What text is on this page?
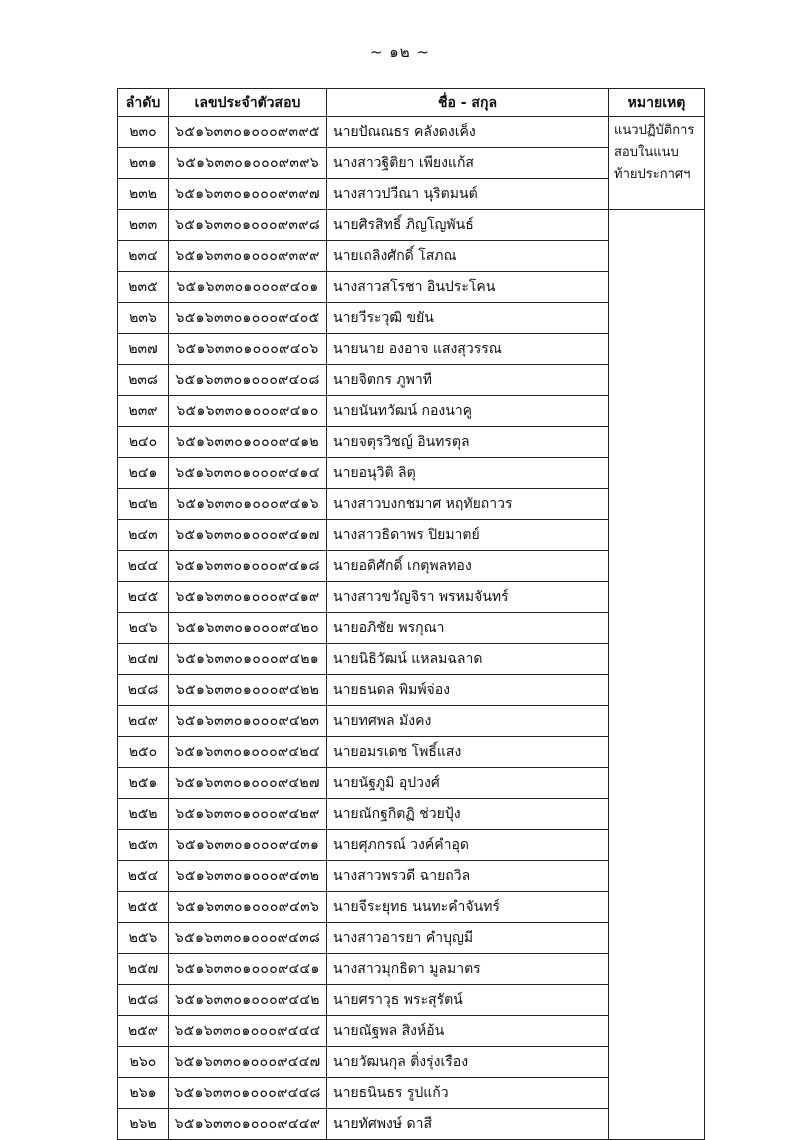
~ ๑๒ ~
ลำดับ	เลขประจำตัวสอบ	ชื่อ - สกุล	หมายเหตุ
๒๓๐	๖๕๑๖๓๓๐๑๐๐๐๙๓๙๕	นายปัณณธร คลังดงเค็ง	แนวปฏิบัติการสอบในแนบท้ายประกาศฯ
๒๓๑	๖๕๑๖๓๓๐๑๐๐๐๙๓๙๖	นางสาวฐิติยา เพียงแก้ส	
๒๓๒	๖๕๑๖๓๓๐๑๐๐๐๙๓๙๗	นางสาวปวีณา นุริตมนต์	
๒๓๓	๖๕๑๖๓๓๐๑๐๐๐๙๓๙๘	นายศิรสิทธิ์ ภิญโญพันธ์	
๒๓๔	๖๕๑๖๓๓๐๑๐๐๐๙๓๙๙	นายเถลิงศักดิ์ โสภณ	
๒๓๕	๖๕๑๖๓๓๐๑๐๐๐๙๔๐๑	นางสาวสโรชา อินประโคน	
๒๓๖	๖๕๑๖๓๓๐๑๐๐๐๙๔๐๕	นายวีระวุฒิ ขยัน	
๒๓๗	๖๕๑๖๓๓๐๑๐๐๐๙๔๐๖	นายนาย องอาจ แสงสุวรรณ	
๒๓๘	๖๕๑๖๓๓๐๑๐๐๐๙๔๐๘	นายจิตกร ภูพาที	
๒๓๙	๖๕๑๖๓๓๐๑๐๐๐๙๔๑๐	นายนันทวัฒน์ กองนาคู	
๒๔๐	๖๕๑๖๓๓๐๑๐๐๐๙๔๑๒	นายจตุรวิชญ์ อินทรตุล	
๒๔๑	๖๕๑๖๓๓๐๑๐๐๐๙๔๑๔	นายอนุวิติ ลิตุ	
๒๔๒	๖๕๑๖๓๓๐๑๐๐๐๙๔๑๖	นางสาวบงกชมาศ หฤทัยถาวร	
๒๔๓	๖๕๑๖๓๓๐๑๐๐๐๙๔๑๗	นางสาวธิดาพร ปิยมาตย์	
๒๔๔	๖๕๑๖๓๓๐๑๐๐๐๙๔๑๘	นายอดิศักดิ์ เกตุพลทอง	
๒๔๕	๖๕๑๖๓๓๐๑๐๐๐๙๔๑๙	นางสาวขวัญจิรา พรหมจันทร์	
๒๔๖	๖๕๑๖๓๓๐๑๐๐๐๙๔๒๐	นายอภิชัย พรกุณา	
๒๔๗	๖๕๑๖๓๓๐๑๐๐๐๙๔๒๑	นายนิธิวัฒน์ แหลมฉลาด	
๒๔๘	๖๕๑๖๓๓๐๑๐๐๐๙๔๒๒	นายธนดล พิมพ์จ่อง	
๒๔๙	๖๕๑๖๓๓๐๑๐๐๐๙๔๒๓	นายทศพล มังคง	
๒๕๐	๖๕๑๖๓๓๐๑๐๐๐๙๔๒๔	นายอมรเดช โพธิ์แสง	
๒๕๑	๖๕๑๖๓๓๐๑๐๐๐๙๔๒๗	นายนัฐภูมิ อุปวงศ์	
๒๕๒	๖๕๑๖๓๓๐๑๐๐๐๙๔๒๙	นายณักฐกิตฏิ ช่วยปุ้ง	
๒๕๓	๖๕๑๖๓๓๐๑๐๐๐๙๔๓๑	นายศุภกรณ์ วงค์คำอุด	
๒๕๔	๖๕๑๖๓๓๐๑๐๐๐๙๔๓๒	นางสาวพรวดี ฉายถวิล	
๒๕๕	๖๕๑๖๓๓๐๑๐๐๐๙๔๓๖	นายจีระยุทธ นนทะคำจันทร์	
๒๕๖	๖๕๑๖๓๓๐๑๐๐๐๙๔๓๘	นางสาวอารยา คำบุญมี	
๒๕๗	๖๕๑๖๓๓๐๑๐๐๐๙๔๔๑	นางสาวมุกธิดา มูลมาตร	
๒๕๘	๖๕๑๖๓๓๐๑๐๐๐๙๔๔๒	นายศราวุธ พระสุรัตน์	
๒๕๙	๖๕๑๖๓๓๐๑๐๐๐๙๔๔๔	นายณัฐพล สิงห์อ้น	
๒๖๐	๖๕๑๖๓๓๐๑๐๐๐๙๔๔๗	นายวัฒนกุล ติ่งรุ่งเรือง	
๒๖๑	๖๕๑๖๓๓๐๑๐๐๐๙๔๔๘	นายธนินธร รูปแก้ว	
๒๖๒	๖๕๑๖๓๓๐๑๐๐๐๙๔๔๙	นายทัศพงษ์ ดาสี	
